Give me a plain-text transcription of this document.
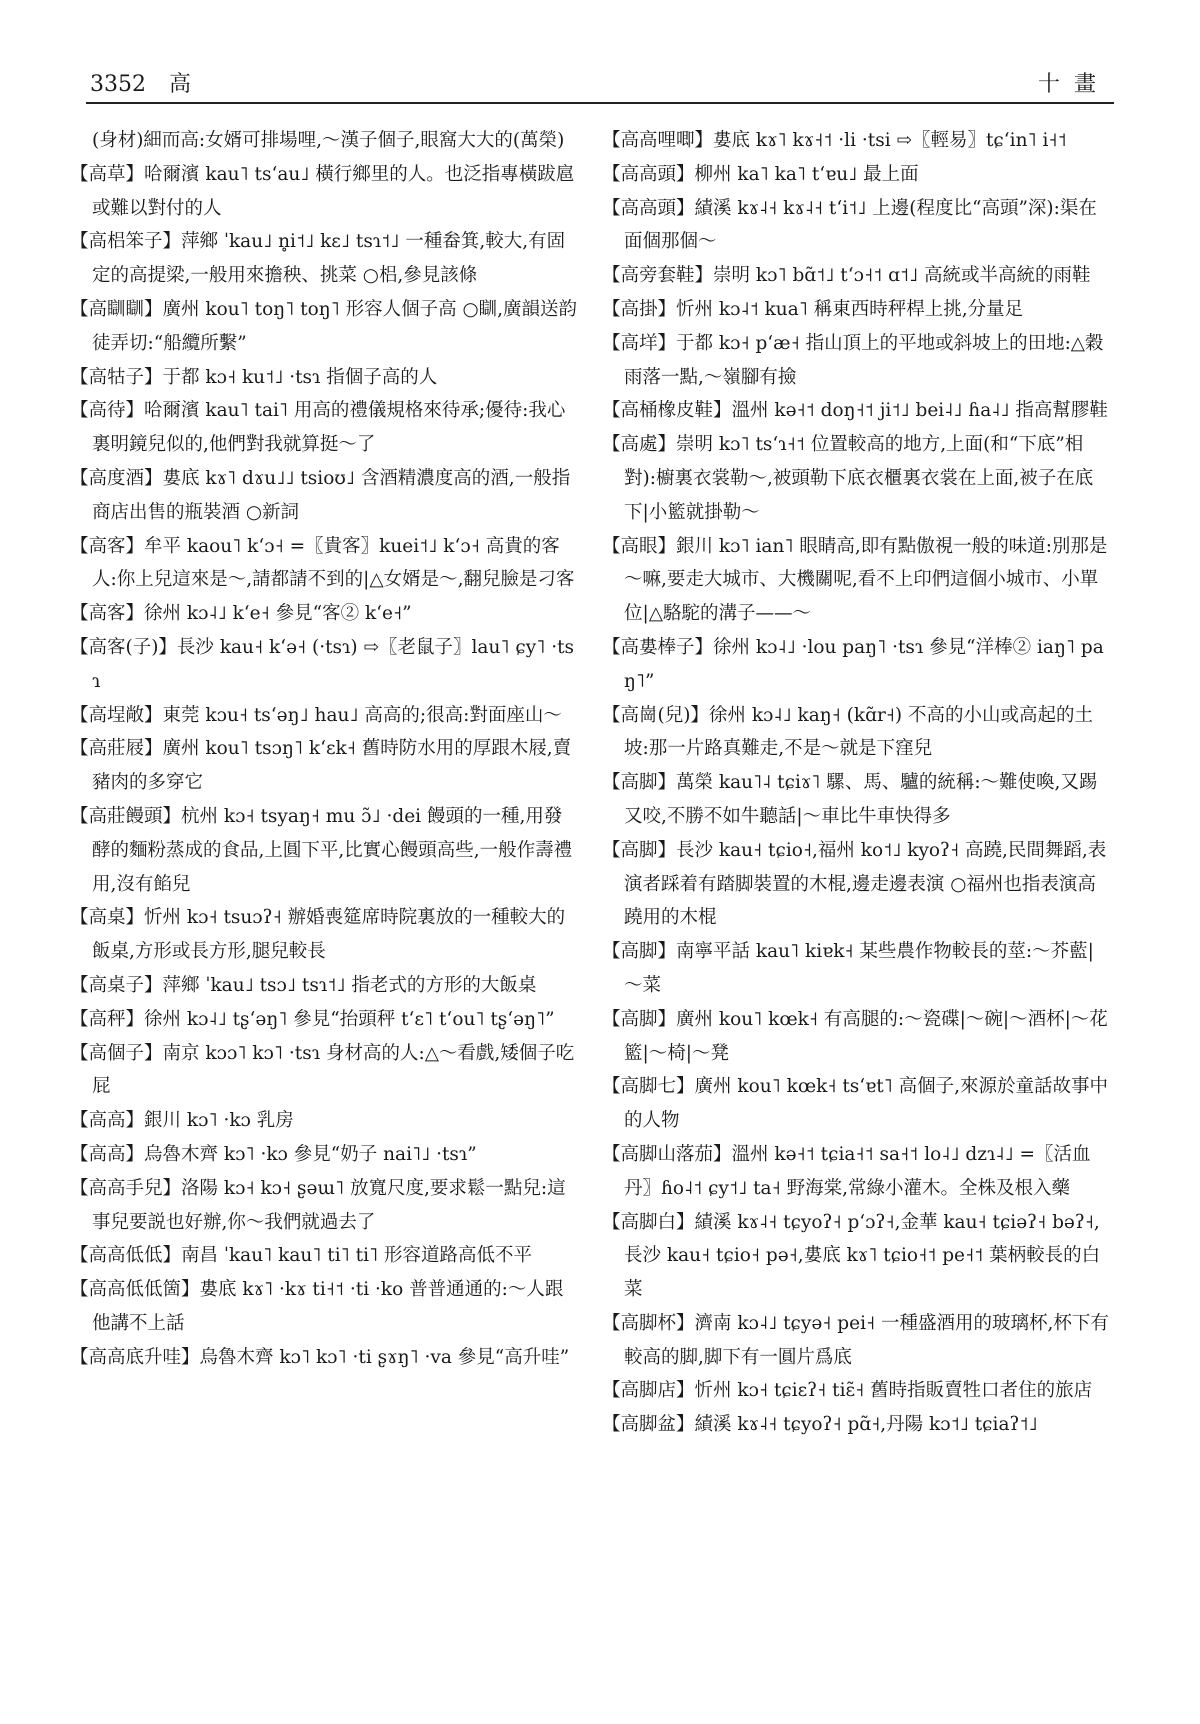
3352 高	十畫

(身材)細而高:女婿可排場哩,～漢子個子,眼窩大大的(萬榮)

【高草】哈爾濱 kau˥ tsʻau˩ 橫行鄉里的人。也泛指專橫跋扈或難以對付的人

【高梠笨子】萍鄉 ˈkau˩ n̥i˦˩ kɛ˩ tsɿ˦˩ 一種畚箕,較大,有固定的高提梁,一般用來擔秧、挑菜 ○梠,參見該條

【高瞓瞓】廣州 kou˥ toŋ˥ toŋ˥ 形容人個子高 ○瞓,廣韻送韵徒弄切:“船纜所繫”

【高牯子】于都 kɔ˧ ku˦˩ ·tsɿ 指個子高的人

【高待】哈爾濱 kau˥ tai˥ 用高的禮儀規格來待承;優待:我心裏明鏡兒似的,他們對我就算挺～了

【高度酒】婁底 kɤ˥ dɤu˩˩ tsioʊ˩ 含酒精濃度高的酒,一般指商店出售的瓶裝酒 ○新詞

【高客】牟平 kaou˥ kʻɔ˧ =〖貴客〗kuei˦˩ kʻɔ˧ 高貴的客人:你上兒這來是～,請都請不到的|△女婿是～,翻兒臉是刁客

【高客】徐州 kɔ˨˩ kʻe˧ 參見“客② kʻe˧”

【高客(子)】長沙 kau˧ kʻə˧ (·tsɿ) ⇨〖老鼠子〗lau˥ ɕy˥ ·tsɿ

【高埕敞】東莞 kɔu˧ tsʻəŋ˩ hau˩ 高高的;很高:對面座山～

【高莊屐】廣州 kou˥ tsɔŋ˥ kʻɛk˧ 舊時防水用的厚跟木屐,賣豬肉的多穿它

【高莊饅頭】杭州 kɔ˧ tsyaŋ˧ mu ɔ̃˩ ·dei 饅頭的一種,用發酵的麵粉蒸成的食品,上圓下平,比實心饅頭高些,一般作壽禮用,沒有餡兒

【高桌】忻州 kɔ˧ tsuɔʔ˧ 辦婚喪筵席時院裏放的一種較大的飯桌,方形或長方形,腿兒較長

【高桌子】萍鄉 ˈkau˩ tsɔ˩ tsɿ˦˩ 指老式的方形的大飯桌

【高秤】徐州 kɔ˨˩ tʂʻəŋ˥ 參見“抬頭秤 tʻɛ˥ tʻou˥ tʂʻəŋ˥”

【高個子】南京 kɔɔ˥ kɔ˥ ·tsɿ 身材高的人:△～看戲,矮個子吃屁

【高高】銀川 kɔ˥ ·kɔ 乳房

【高高】烏魯木齊 kɔ˥ ·kɔ 參見“奶子 nai˥˩ ·tsɿ”

【高高手兒】洛陽 kɔ˧ kɔ˧ ʂəɯ˥ 放寬尺度,要求鬆一點兒:這事兒要説也好辦,你～我們就過去了

【高高低低】南昌 ˈkau˥ kau˥ ti˥ ti˥ 形容道路高低不平

【高高低低箇】婁底 kɤ˥ ·kɤ ti˧˦ ·ti ·ko 普普通通的:～人跟他講不上話

【高高底升哇】烏魯木齊 kɔ˥ kɔ˥ ·ti ʂɤŋ˥ ·va 參見“高升哇”

【高高哩唧】婁底 kɤ˥ kɤ˧˦ ·li ·tsi ⇨〖輕易〗tɕʻin˥ i˧˦

【高高頭】柳州 ka˥ ka˥ tʻɐu˩ 最上面

【高高頭】績溪 kɤ˨˧ kɤ˨˧ tʻi˦˩ 上邊(程度比“高頭”深):渠在面個那個～

【高旁套鞋】崇明 kɔ˥ bɑ̃˦˩ tʻɔ˧˦ ɑ˦˩ 高統或半高統的雨鞋

【高掛】忻州 kɔ˨˦ kua˥ 稱東西時秤桿上挑,分量足

【高垟】于都 kɔ˧ pʻæ˧ 指山頂上的平地或斜坡上的田地:△穀雨落一點,～嶺腳有撿

【高桶橡皮鞋】溫州 kə˧˦ doŋ˧˦ ji˦˩ bei˨˩ ɦa˨˩ 指高幫膠鞋

【高處】崇明 kɔ˥ tsʻɿ˧˦ 位置較高的地方,上面(和“下底”相對):櫥裏衣裳勒～,被頭勒下底衣櫃裏衣裳在上面,被子在底下|小籃就掛勒～

【高眼】銀川 kɔ˥ ian˥ 眼睛高,即有點傲視一般的味道:別那是～嘛,要走大城市、大機關呢,看不上印們這個小城市、小單位|△駱駝的溝子——～

【高婁棒子】徐州 kɔ˨˩ ·lou paŋ˥ ·tsɿ 參見“洋棒② iaŋ˥ paŋ˥”

【高崗(兒)】徐州 kɔ˨˩ kaŋ˧ (kɑ̃r˧) 不高的小山或高起的土坡:那一片路真難走,不是～就是下窪兒

【高脚】萬榮 kau˥˨ tɕiɤ˥ 騾、馬、驢的統稱:～難使喚,又踢又咬,不勝不如牛聽話|～車比牛車快得多

【高脚】長沙 kau˧ tɕio˧,福州 ko˦˩ kyoʔ˧ 高蹺,民間舞蹈,表演者踩着有踏脚裝置的木棍,邊走邊表演 ○福州也指表演高蹺用的木棍

【高脚】南寧平話 kau˥ kiɐk˧ 某些農作物較長的莖:～芥藍|～菜

【高脚】廣州 kou˥ kœk˧ 有高腿的:～瓷碟|～碗|～酒杯|～花籃|～椅|～凳

【高脚七】廣州 kou˥ kœk˧ tsʻɐt˥ 高個子,來源於童話故事中的人物

【高脚山落茄】溫州 kə˧˦ tɕia˧˦ sa˧˦ lo˨˩ dzɿ˨˩ =〖活血丹〗ɦo˨˦ ɕy˦˩ ta˧ 野海棠,常綠小灌木。全株及根入藥

【高脚白】績溪 kɤ˨˧ tɕyoʔ˧ pʻɔʔ˧,金華 kau˧ tɕiəʔ˧ bəʔ˧,長沙 kau˧ tɕio˧ pə˧,婁底 kɤ˥ tɕio˧˦ pe˧˦ 葉柄較長的白菜

【高脚杯】濟南 kɔ˨˩ tɕyə˧ pei˧ 一種盛酒用的玻璃杯,杯下有較高的脚,脚下有一圓片爲底

【高脚店】忻州 kɔ˧ tɕiɛʔ˧ tiɛ̃˧ 舊時指販賣牲口者住的旅店

【高脚盆】績溪 kɤ˨˧ tɕyoʔ˧ pɑ̃˧,丹陽 kɔ˦˩ tɕiaʔ˦˩
